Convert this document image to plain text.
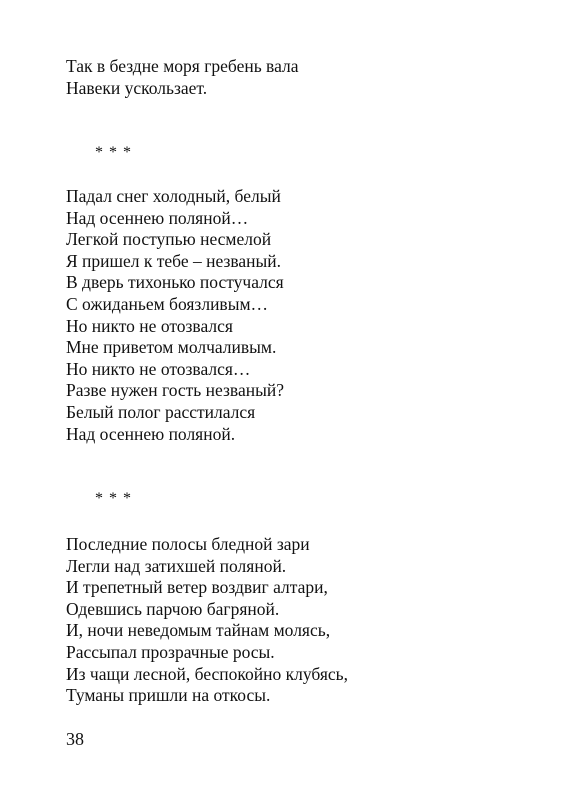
Так в бездне моря гребень вала
Навеки ускользает.
* * *
Падал снег холодный, белый
Над осеннею поляной…
Легкой поступью несмелой
Я пришел к тебе – незваный.
В дверь тихонько постучался
С ожиданьем боязливым…
Но никто не отозвался
Мне приветом молчаливым.
Но никто не отозвался…
Разве нужен гость незваный?
Белый полог расстилался
Над осеннею поляной.
* * *
Последние полосы бледной зари
Легли над затихшей поляной.
И трепетный ветер воздвиг алтари,
Одевшись парчою багряной.
И, ночи неведомым тайнам молясь,
Рассыпал прозрачные росы.
Из чащи лесной, беспокойно клубясь,
Туманы пришли на откосы.
38
